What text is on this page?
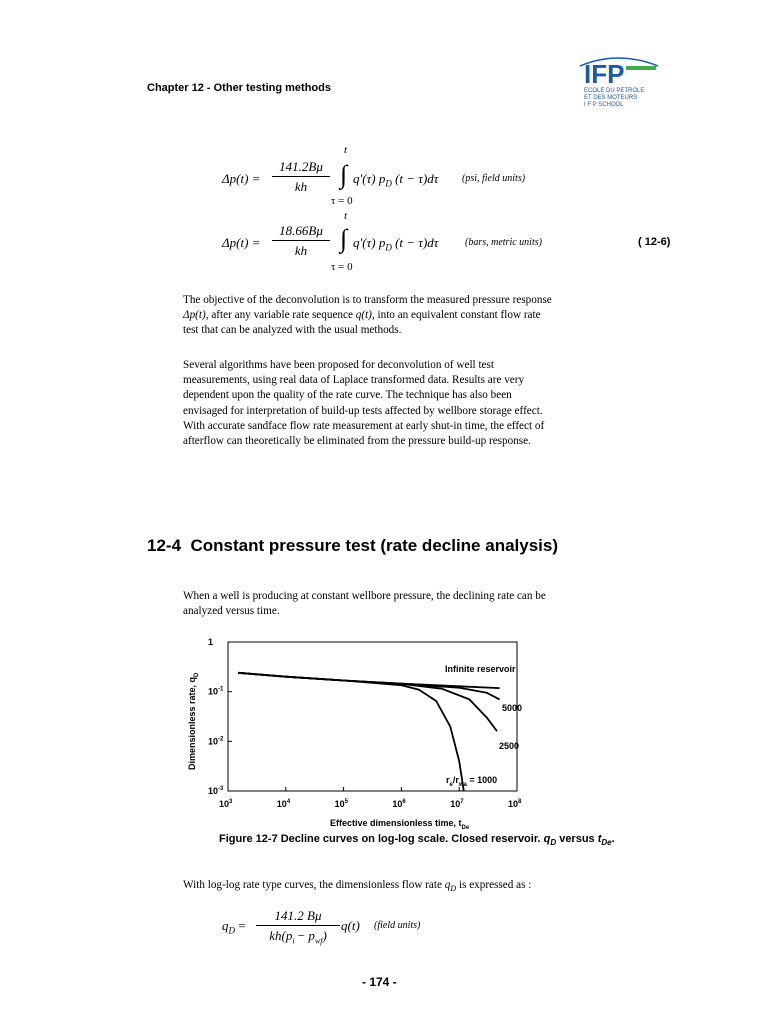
Chapter 12 - Other testing methods	IFP
ECOLE DU PETROLE
ET DES MOTEURS
I F P SCHOOL
t
$\Delta p(t) = \frac{141.2B\mu}{kh}$ ∫ q'(τ) $p_D$ (t − τ)dτ (psi, field units)
τ = 0
t
$\Delta p(t) = \frac{18.66B\mu}{kh}$ ∫ q'(τ) $p_D$ (t − τ)dτ	(bars, metric units)
τ = 0
( 12-6)
The objective of the deconvolution is to transform the measured pressure response
Δp(t), after any variable rate sequence q(t), into an equivalent constant flow rate
test that can be analyzed with the usual methods.
Several algorithms have been proposed for deconvolution of well test
measurements, using real data of Laplace transformed data. Results are very
dependent upon the quality of the rate curve. The technique has also been
envisaged for interpretation of build-up tests affected by wellbore storage effect.
With accurate sandface flow rate measurement at early shut-in time, the effect of
afterflow can theoretically be eliminated from the pressure build-up response.
12-4 Constant pressure test (rate decline analysis)
When a well is producing at constant wellbore pressure, the declining rate can be
analyzed versus time.
1
$10^{-1}$
$10^{-2}$
$10^{-3}$
$10^3$	$10^4$	$10^5$	$10^6$	$10^7$	$10^8$
Infinite reservoir
5000
2500
$r_e/r_{wa} = 1000$
Effective dimensionless time, $t_{De}$
Dimensionless rate, $q_D$
Figure 12-7 Decline curves on log-log scale. Closed reservoir. $q_D$ versus $t_{De}$.
With log-log rate type curves, the dimensionless flow rate $q_D$ is expressed as :
$q_D$ =
141.2 Bμ
$kh(p_i - p_{wf})$
q(t) (field units)
- 174 -
